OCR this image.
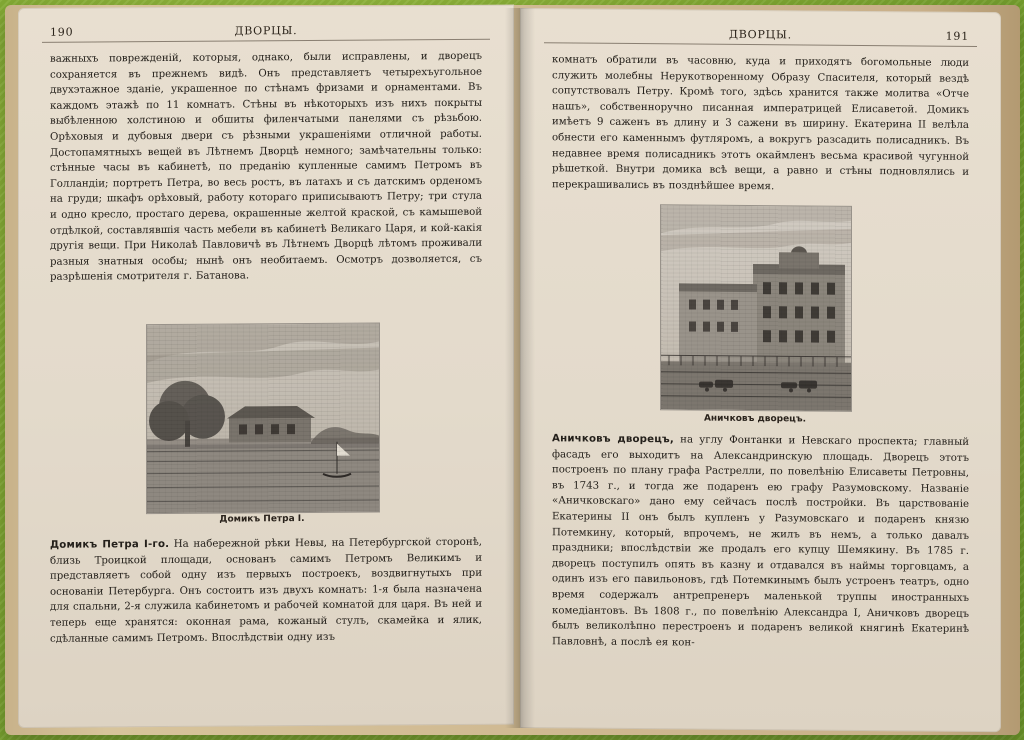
190	ДВОРЦЫ.

важныхъ поврежденій, которыя, однако, были исправлены, и дворецъ сохраняется въ прежнемъ видѣ. Онъ представляетъ четырехъугольное двухэтажное зданіе, украшенное по стѣнамъ фризами и орнаментами. Въ каждомъ этажѣ по 11 комнатъ. Стѣны въ нѣкоторыхъ изъ нихъ покрыты выбѣленною холстиною и обшиты филенчатыми панелями съ рѣзьбою. Орѣховыя и дубовыя двери съ рѣзными украшеніями отличной работы. Достопамятныхъ вещей въ Лѣтнемъ Дворцѣ немного; замѣчательны только: стѣнные часы въ кабинетѣ, по преданію купленные самимъ Петромъ въ Голландіи; портретъ Петра, во весь ростъ, въ латахъ и съ датскимъ орденомъ на груди; шкафъ орѣховый, работу котораго приписываютъ Петру; три стула и одно кресло, простаго дерева, окрашенные желтой краской, съ камышевой отдѣлкой, составлявшія часть мебели въ кабинетѣ Великаго Царя, и кой-какія другія вещи. При Николаѣ Павловичѣ въ Лѣтнемъ Дворцѣ лѣтомъ проживали разныя знатныя особы; нынѣ онъ необитаемъ. Осмотръ дозволяется, съ разрѣшенія смотрителя г. Батанова.

Домикъ Петра I.

Домикъ Петра I-го. На набережной рѣки Невы, на Петербургской сторонѣ, близь Троицкой площади, основанъ самимъ Петромъ Великимъ и представляетъ собой одну изъ первыхъ построекъ, воздвигнутыхъ при основаніи Петербурга. Онъ состоитъ изъ двухъ комнатъ: 1-я была назначена для спальни, 2-я служила кабинетомъ и рабочей комнатой для царя. Въ ней и теперь еще хранятся: оконная рама, кожаный стулъ, скамейка и ялик, сдѣланные самимъ Петромъ. Впослѣдствіи одну изъ

ДВОРЦЫ.	191

комнатъ обратили въ часовню, куда и приходятъ богомольные люди служить молебны Нерукотворенному Образу Спасителя, который вездѣ сопутствовалъ Петру. Кромѣ того, здѣсь хранится также молитва «Отче нашъ», собственноручно писанная императрицей Елисаветой. Домикъ имѣетъ 9 саженъ въ длину и 3 сажени въ ширину. Екатерина II велѣла обнести его каменнымъ футляромъ, а вокругъ разсадить полисадникъ. Въ недавнее время полисадникъ этотъ окаймленъ весьма красивой чугунной рѣшеткой. Внутри домика всѣ вещи, а равно и стѣны подновлялись и перекрашивались въ позднѣйшее время.

Аничковъ дворецъ.

Аничковъ дворецъ, на углу Фонтанки и Невскаго проспекта; главный фасадъ его выходитъ на Александринскую площадь. Дворецъ этотъ построенъ по плану графа Растрелли, по повелѣнію Елисаветы Петровны, въ 1743 г., и тогда же подаренъ ею графу Разумовскому. Названіе «Аничковскаго» дано ему сейчасъ послѣ постройки. Въ царствованіе Екатерины II онъ былъ купленъ у Разумовскаго и подаренъ князю Потемкину, который, впрочемъ, не жилъ въ немъ, а только давалъ праздники; впослѣдствіи же продалъ его купцу Шемякину. Въ 1785 г. дворецъ поступилъ опять въ казну и отдавался въ наймы торговцамъ, а одинъ изъ его павильоновъ, гдѣ Потемкинымъ былъ устроенъ театръ, одно время содержалъ антрепренеръ маленькой труппы иностранныхъ комедіантовъ. Въ 1808 г., по повелѣнію Александра I, Аничковъ дворецъ былъ великолѣпно перестроенъ и подаренъ великой княгинѣ Екатеринѣ Павловнѣ, а послѣ ея кон-
